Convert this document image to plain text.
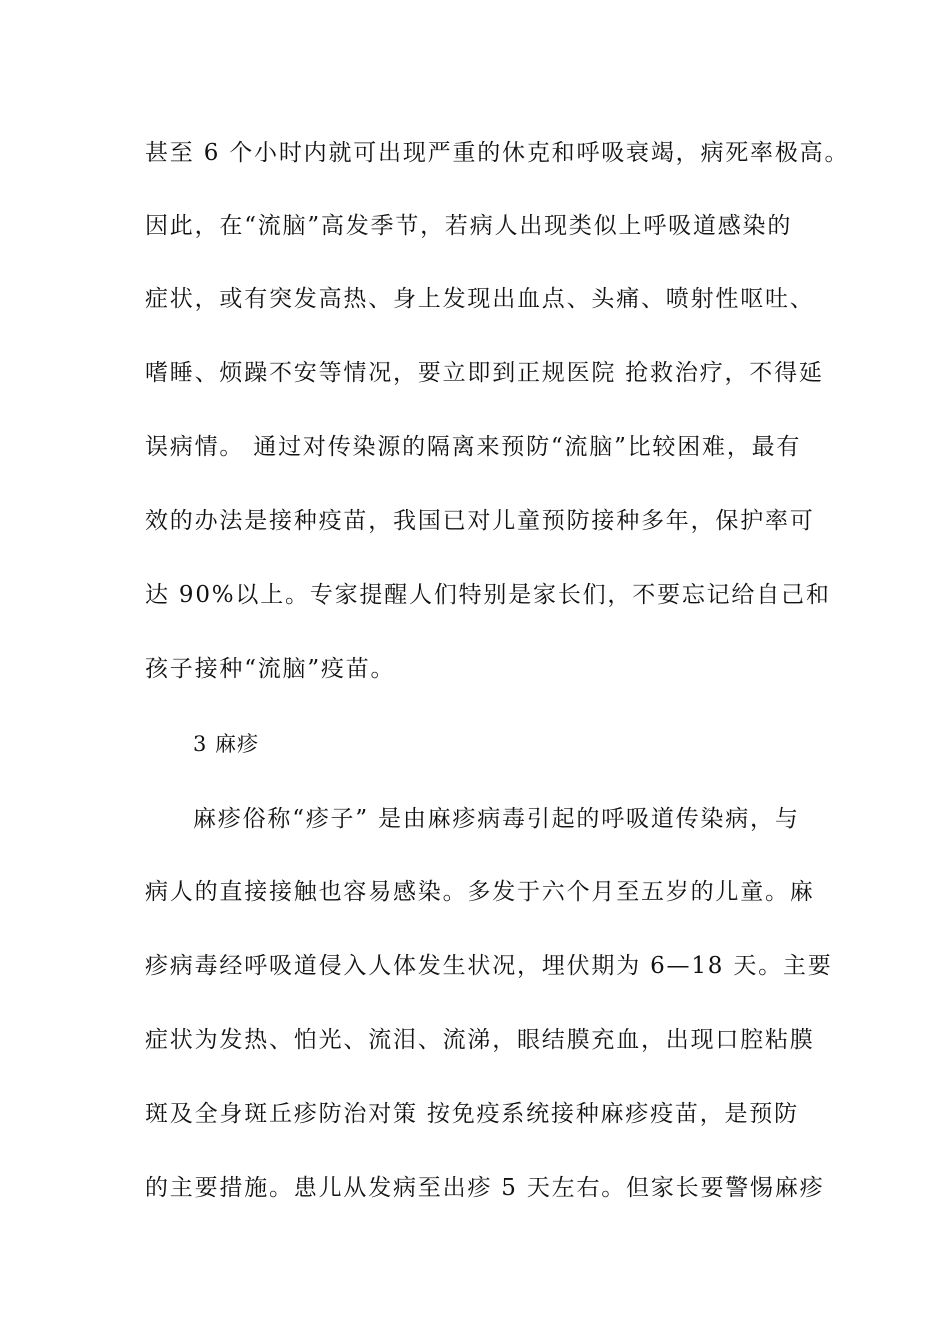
甚至 6 个小时内就可出现严重的休克和呼吸衰竭，病死率极高。
因此，在“流脑”高发季节，若病人出现类似上呼吸道感染的
症状，或有突发高热、身上发现出血点、头痛、喷射性呕吐、
嗜睡、烦躁不安等情况，要立即到正规医院 抢救治疗，不得延
误病情。 通过对传染源的隔离来预防“流脑”比较困难，最有
效的办法是接种疫苗，我国已对儿童预防接种多年，保护率可
达 90%以上。专家提醒人们特别是家长们，不要忘记给自己和
孩子接种“流脑”疫苗。
3 麻疹
麻疹俗称“疹子” 是由麻疹病毒引起的呼吸道传染病，与
病人的直接接触也容易感染。多发于六个月至五岁的儿童。麻
疹病毒经呼吸道侵入人体发生状况，埋伏期为 6—18 天。主要
症状为发热、怕光、流泪、流涕，眼结膜充血，出现口腔粘膜
斑及全身斑丘疹防治对策 按免疫系统接种麻疹疫苗，是预防
的主要措施。患儿从发病至出疹 5 天左右。但家长要警惕麻疹
